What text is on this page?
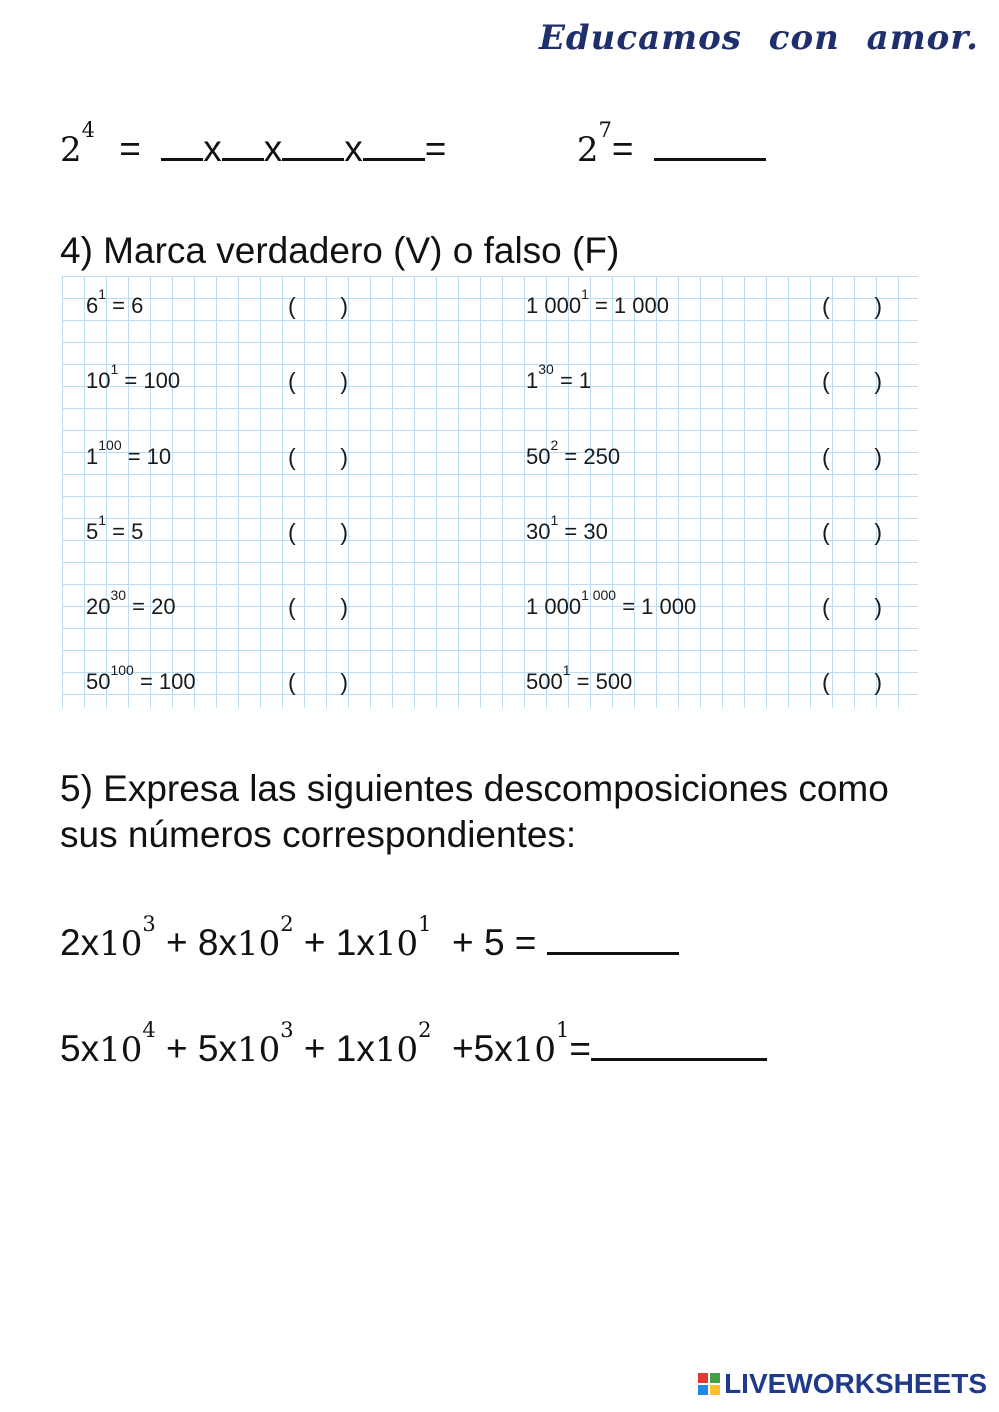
Educamos con amor.
$2^4 = x$ x x =	$2^7=$
4) Marca verdadero (V) o falso (F)
$6^1 = 6$
$10^1 = 100$
$1^{100} = 10$
$5^1 = 5$
$20^{30} = 20$
$50^{100} = 100$
( )
( )
( )
( )
( )
( )
1 $000^1 = 1$ 000
$1^{30} = 1$
$50^2 = 250$
$30^1 = 30$
1 $000^{1 000} = 1$ 000
$500^1 = 500$
( )
( )
( )
( )
( )
( )
5) Expresa las siguientes descomposiciones como
sus números correspondientes:
$2x10^3 + 8x10^2 + 1x10^1 + 5$ =
$5x10^4 + 5x10^3 + 1x10^2 +5x10^1=$
LIVEWORKSHEETS
